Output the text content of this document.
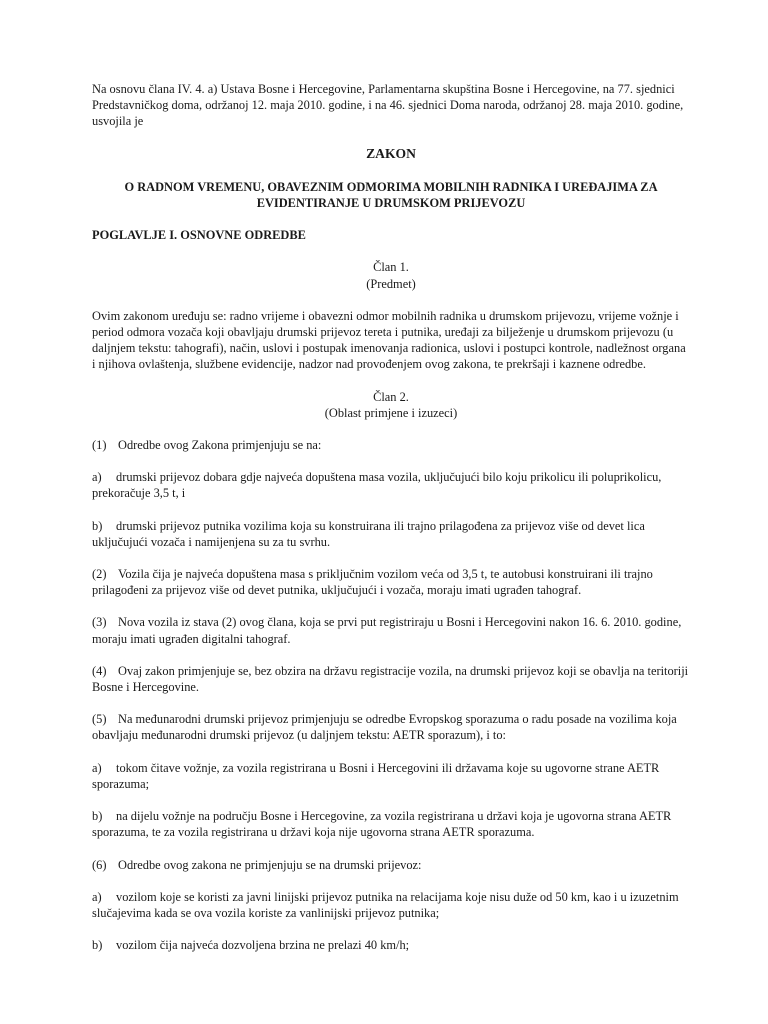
Na osnovu člana IV. 4. a) Ustava Bosne i Hercegovine, Parlamentarna skupština Bosne i Hercegovine, na 77. sjednici Predstavničkog doma, održanoj 12. maja 2010. godine, i na 46. sjednici Doma naroda, održanoj 28. maja 2010. godine, usvojila je

ZAKON

O RADNOM VREMENU, OBAVEZNIM ODMORIMA MOBILNIH RADNIKA I UREĐAJIMA ZA EVIDENTIRANJE U DRUMSKOM PRIJEVOZU

POGLAVLJE I. OSNOVNE ODREDBE

Član 1.
(Predmet)

Ovim zakonom uređuju se: radno vrijeme i obavezni odmor mobilnih radnika u drumskom prijevozu, vrijeme vožnje i period odmora vozača koji obavljaju drumski prijevoz tereta i putnika, uređaji za bilježenje u drumskom prijevozu (u daljnjem tekstu: tahografi), način, uslovi i postupak imenovanja radionica, uslovi i postupci kontrole, nadležnost organa i njihova ovlaštenja, službene evidencije, nadzor nad provođenjem ovog zakona, te prekršaji i kaznene odredbe.

Član 2.
(Oblast primjene i izuzeci)

(1) Odredbe ovog Zakona primjenjuju se na:

a) drumski prijevoz dobara gdje najveća dopuštena masa vozila, uključujući bilo koju prikolicu ili poluprikolicu, prekoračuje 3,5 t, i

b) drumski prijevoz putnika vozilima koja su konstruirana ili trajno prilagođena za prijevoz više od devet lica uključujući vozača i namijenjena su za tu svrhu.

(2) Vozila čija je najveća dopuštena masa s priključnim vozilom veća od 3,5 t, te autobusi konstruirani ili trajno prilagođeni za prijevoz više od devet putnika, uključujući i vozača, moraju imati ugrađen tahograf.

(3) Nova vozila iz stava (2) ovog člana, koja se prvi put registriraju u Bosni i Hercegovini nakon 16. 6. 2010. godine, moraju imati ugrađen digitalni tahograf.

(4) Ovaj zakon primjenjuje se, bez obzira na državu registracije vozila, na drumski prijevoz koji se obavlja na teritoriji Bosne i Hercegovine.

(5) Na međunarodni drumski prijevoz primjenjuju se odredbe Evropskog sporazuma o radu posade na vozilima koja obavljaju međunarodni drumski prijevoz (u daljnjem tekstu: AETR sporazum), i to:

a) tokom čitave vožnje, za vozila registrirana u Bosni i Hercegovini ili državama koje su ugovorne strane AETR sporazuma;

b) na dijelu vožnje na području Bosne i Hercegovine, za vozila registrirana u državi koja je ugovorna strana AETR sporazuma, te za vozila registrirana u državi koja nije ugovorna strana AETR sporazuma.

(6) Odredbe ovog zakona ne primjenjuju se na drumski prijevoz:

a) vozilom koje se koristi za javni linijski prijevoz putnika na relacijama koje nisu duže od 50 km, kao i u izuzetnim slučajevima kada se ova vozila koriste za vanlinijski prijevoz putnika;

b) vozilom čija najveća dozvoljena brzina ne prelazi 40 km/h;
